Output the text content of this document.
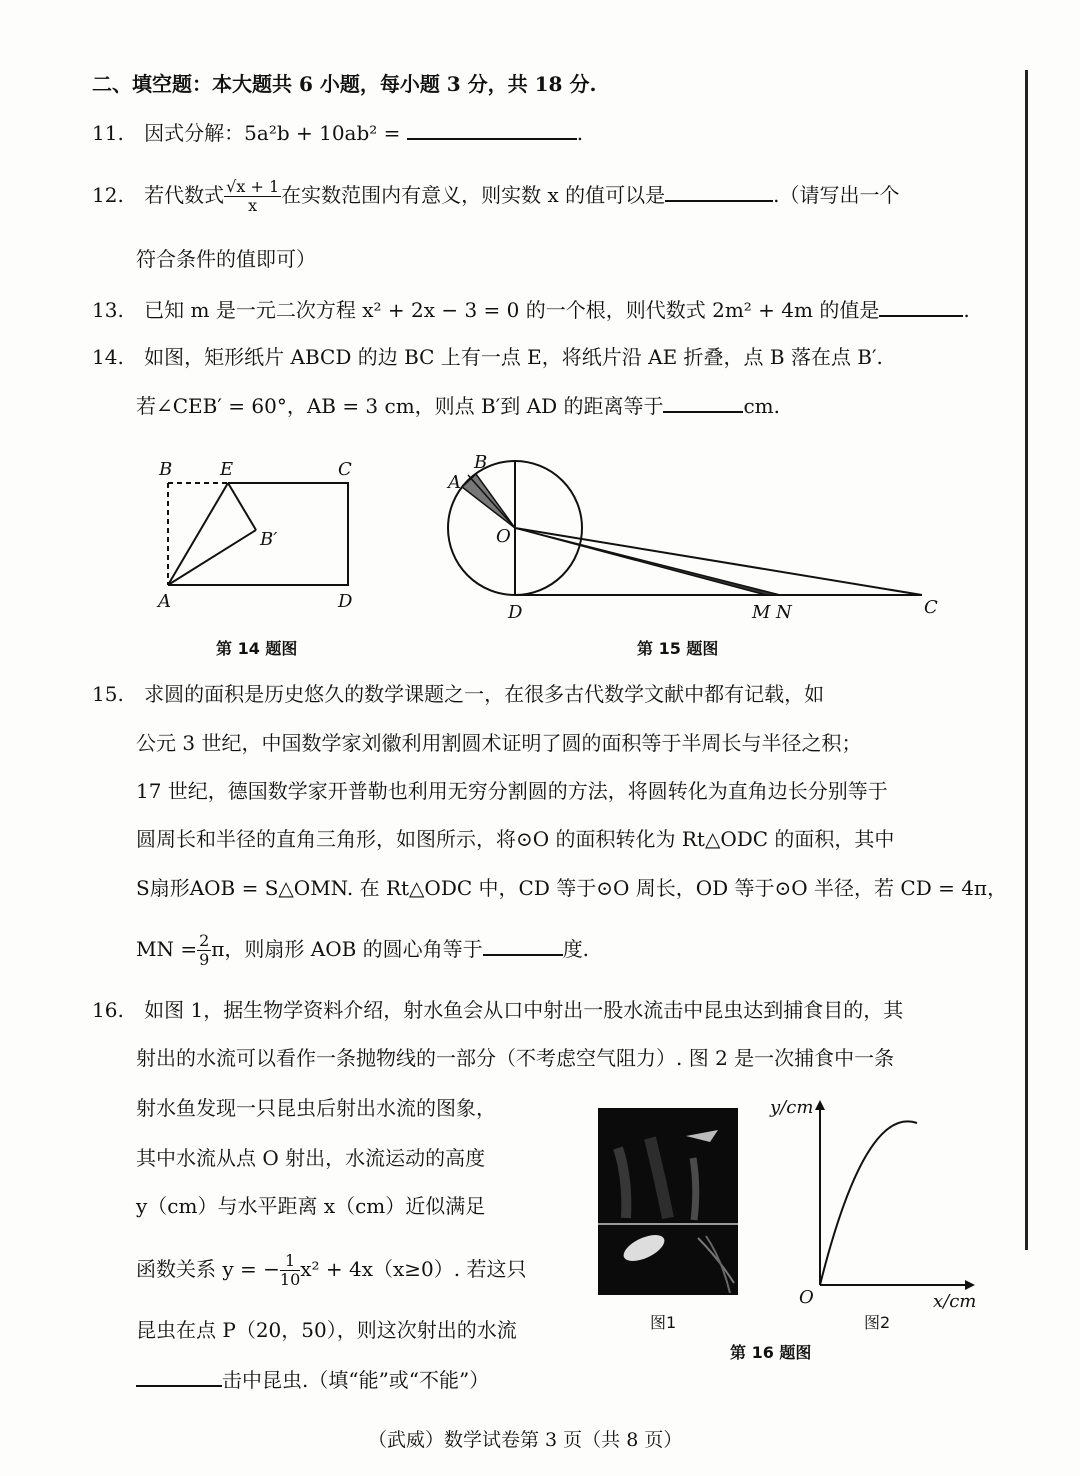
二、填空题：本大题共 6 小题，每小题 3 分，共 18 分.
11. 因式分解：5a²b + 10ab² =	.
12. 若代数式 $\frac{√x + 1}{x}$ 在实数范围内有意义，则实数 x 的值可以是	.（请写出一个
符合条件的值即可）
13. 已知 m 是一元二次方程 x² + 2x − 3 = 0 的一个根，则代数式 2m² + 4m 的值是	.
14. 如图，矩形纸片 ABCD 的边 BC 上有一点 E，将纸片沿 AE 折叠，点 B 落在点 B′.
若∠CEB′ = 60°，AB = 3 cm，则点 B′到 AD 的距离等于	cm.
B	E	C
B′
A	D
第 14 题图
B
A
O
D	M N	C
第 15 题图
15. 求圆的面积是历史悠久的数学课题之一，在很多古代数学文献中都有记载，如
公元 3 世纪，中国数学家刘徽利用割圆术证明了圆的面积等于半周长与半径之积；
17 世纪，德国数学家开普勒也利用无穷分割圆的方法，将圆转化为直角边长分别等于
圆周长和半径的直角三角形，如图所示，将⊙O 的面积转化为 Rt△ODC 的面积，其中
S扇形AOB = S△OMN. 在 Rt△ODC 中，CD 等于⊙O 周长，OD 等于⊙O 半径，若 CD = 4π，
MN = $\frac{2}{9}$ π，则扇形 AOB 的圆心角等于	度.
16. 如图 1，据生物学资料介绍，射水鱼会从口中射出一股水流击中昆虫达到捕食目的，其
射出的水流可以看作一条抛物线的一部分（不考虑空气阻力）. 图 2 是一次捕食中一条
射水鱼发现一只昆虫后射出水流的图象，
其中水流从点 O 射出，水流运动的高度
y（cm）与水平距离 x（cm）近似满足
函数关系 y = − $\frac{1}{10} x^2 + 4x(x\ge 0)$. 若这只
昆虫在点 P（20，50），则这次射出的水流
击中昆虫.（填“能”或“不能”）
图1
y/cm
x/cm
O
图2
第 16 题图
（武威）数学试卷第 3 页（共 8 页）
